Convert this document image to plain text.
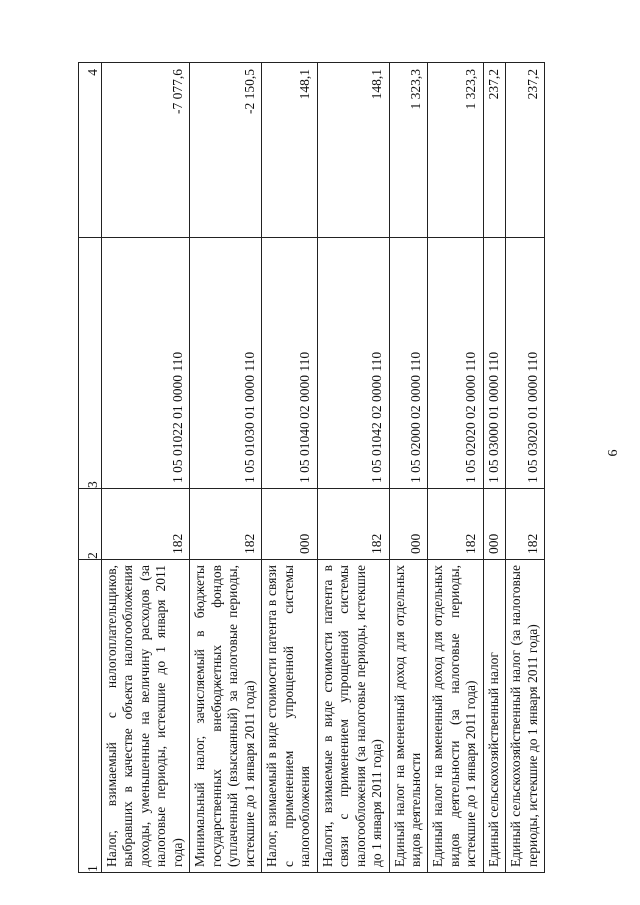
6
1	2	3	4
Налог, взимаемый с налогоплательщиков, выбравших в качестве объекта налогообложения доходы, уменьшенные на величину расходов (за налоговые периоды, истекшие до 1 января 2011 года)	182	1 05 01022 01 0000 110	-7 077,6
Минимальный налог, зачисляемый в бюджеты государственных внебюджетных фондов (уплаченный (взысканный) за налоговые периоды, истекшие до 1 января 2011 года)	182	1 05 01030 01 0000 110	-2 150,5
Налог, взимаемый в виде стоимости патента в связи с применением упрощенной системы налогообложения	000	1 05 01040 02 0000 110	148,1
Налоги, взимаемые в виде стоимости патента в связи с применением упрощенной системы налогообложения (за налоговые периоды, истекшие до 1 января 2011 года)	182	1 05 01042 02 0000 110	148,1
Единый налог на вмененный доход для отдельных видов деятельности	000	1 05 02000 02 0000 110	1 323,3
Единый налог на вмененный доход для отдельных видов деятельности (за налоговые периоды, истекшие до 1 января 2011 года)	182	1 05 02020 02 0000 110	1 323,3
Единый сельскохозяйственный налог	000	1 05 03000 01 0000 110	237,2
Единый сельскохозяйственный налог (за налоговые периоды, истекшие до 1 января 2011 года)	182	1 05 03020 01 0000 110	237,2
